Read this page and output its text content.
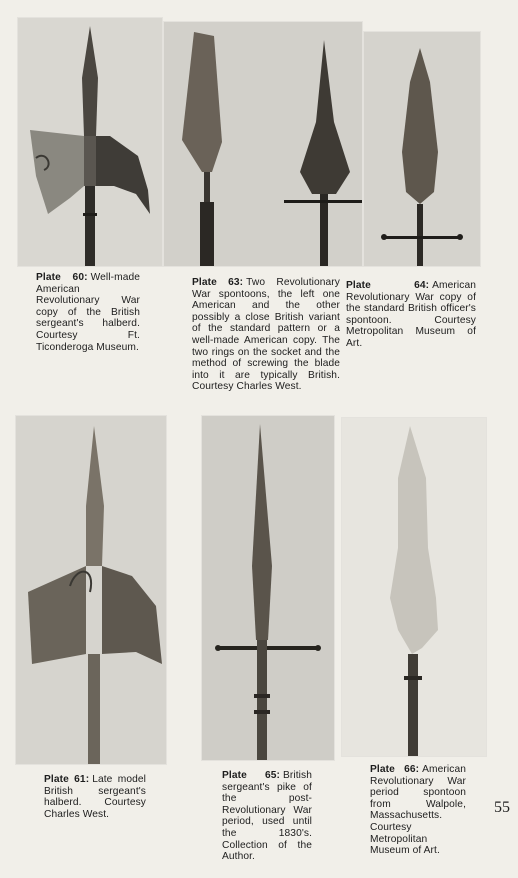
Plate 60: Well-made American Revolutionary War copy of the British sergeant's halberd. Courtesy Ft. Ticonderoga Museum.
Plate 63: Two Revolutionary War spontoons, the left one American and the other possibly a close British variant of the standard pattern or a well-made American copy. The two rings on the socket and the method of screwing the blade into it are typically British. Courtesy Charles West.
Plate 64: American Revolutionary War copy of the standard British officer's spontoon. Courtesy Metropolitan Museum of Art.
Plate 61: Late model British sergeant's halberd. Courtesy Charles West.
Plate 65: British sergeant's pike of the post-Revolutionary War period, used until the 1830's. Collection of the Author.
Plate 66: American Revolutionary War period spontoon from Walpole, Massachusetts. Courtesy Metropolitan Museum of Art.
55
